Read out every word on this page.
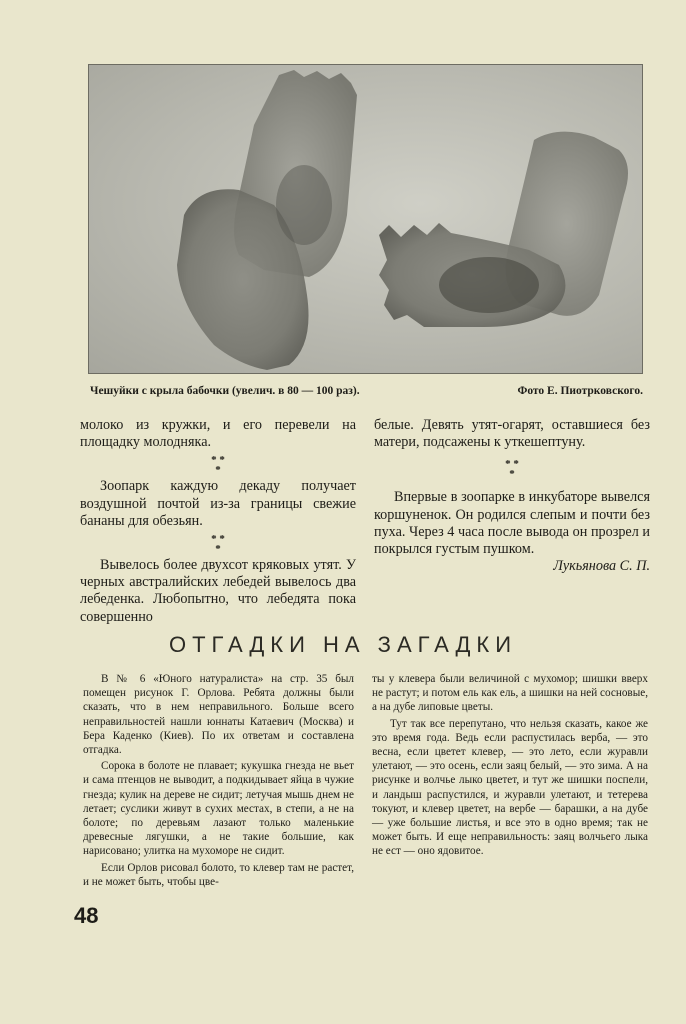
Чешуйки с крыла бабочки (увелич. в 80 — 100 раз).	Фото Е. Пиотрковского.

молоко из кружки, и его перевели на площадку молодняка.

* *
*

Зоопарк каждую декаду получает воздушной почтой из-за границы свежие бананы для обезьян.

* *
*

Вывелось более двухсот кряковых утят. У черных австралийских лебедей вывелось два лебеденка. Любопытно, что лебедята пока совершенно

белые. Девять утят-огарят, оставшиеся без матери, подсажены к уткешептуну.

* *
*

Впервые в зоопарке в инкубаторе вывелся коршуненок. Он родился слепым и почти без пуха. Через 4 часа после вывода он прозрел и покрылся густым пушком.

Лукьянова С. П.

ОТГАДКИ НА ЗАГАДКИ

В № 6 «Юного натуралиста» на стр. 35 был помещен рисунок Г. Орлова. Ребята должны были сказать, что в нем неправильного. Больше всего неправильностей нашли юннаты Катаевич (Москва) и Бера Каденко (Киев). По их ответам и составлена отгадка.

Сорока в болоте не плавает; кукушка гнезда не вьет и сама птенцов не выводит, а подкидывает яйца в чужие гнезда; кулик на дереве не сидит; летучая мышь днем не летает; суслики живут в сухих местах, в степи, а не на болоте; по деревьям лазают только маленькие древесные лягушки, а не такие большие, как нарисовано; улитка на мухоморе не сидит.

Если Орлов рисовал болото, то клевер там не растет, и не может быть, чтобы цве-

ты у клевера были величиной с мухомор; шишки вверх не растут; и потом ель как ель, а шишки на ней сосновые, а на дубе липовые цветы.

Тут так все перепутано, что нельзя сказать, какое же это время года. Ведь если распустилась верба, — это весна, если цветет клевер, — это лето, если журавли улетают, — это осень, если заяц белый, — это зима. А на рисунке и волчье лыко цветет, и тут же шишки поспели, и ландыш распустился, и журавли улетают, и тетерева токуют, и клевер цветет, на вербе — барашки, а на дубе — уже большие листья, и все это в одно время; так не может быть. И еще неправильность: заяц волчьего лыка не ест — оно ядовитое.

48
